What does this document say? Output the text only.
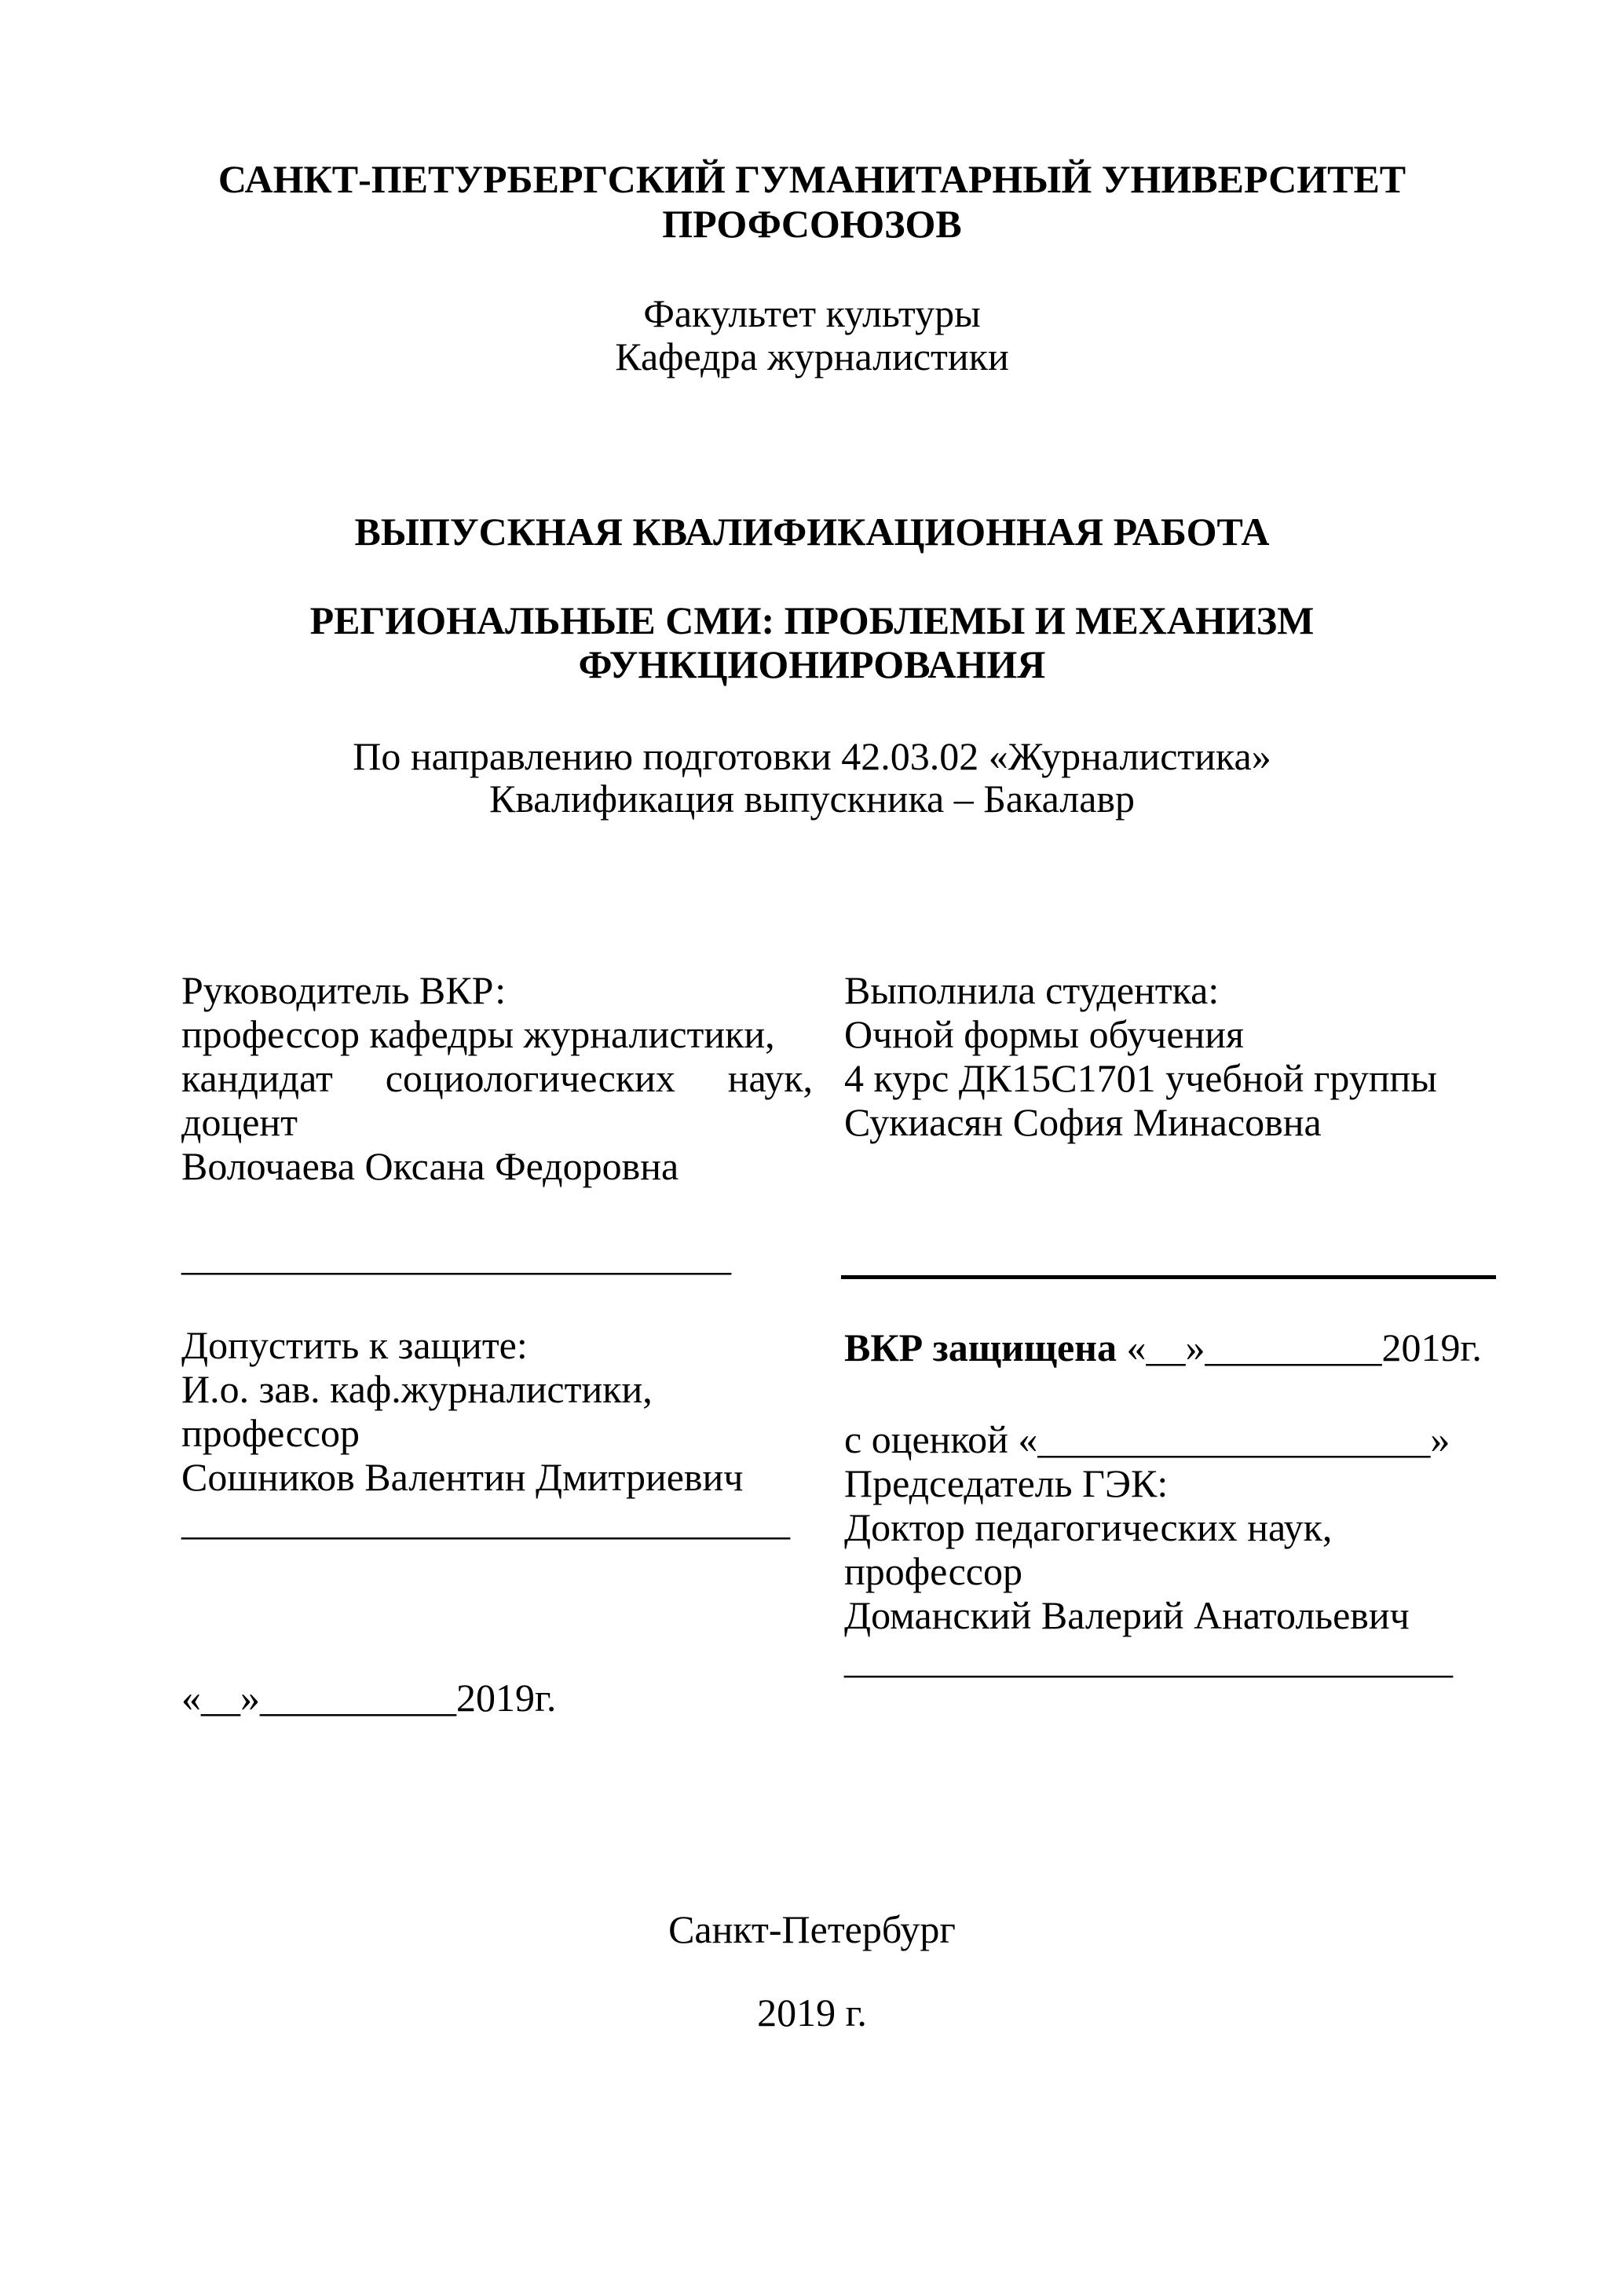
САНКТ-ПЕТУРБЕРГСКИЙ ГУМАНИТАРНЫЙ УНИВЕРСИТЕТ
ПРОФСОЮЗОВ
Факультет культуры
Кафедра журналистики
ВЫПУСКНАЯ КВАЛИФИКАЦИОННАЯ РАБОТА
РЕГИОНАЛЬНЫЕ СМИ: ПРОБЛЕМЫ И МЕХАНИЗМ
ФУНКЦИОНИРОВАНИЯ
По направлению подготовки 42.03.02 «Журналистика»
Квалификация выпускника – Бакалавр
Руководитель ВКР:
профессор кафедры журналистики,
кандидат социологических наук,
доцент
Волочаева Оксана Федоровна
____________________________
Выполнила студентка:
Очной формы обучения
4 курс ДК15С1701 учебной группы
Сукиасян София Минасовна
Допустить к защите:
И.о. зав. каф.журналистики,
профессор
Сошников Валентин Дмитриевич
_______________________________
«__»__________2019г.
ВКР защищена «__»_________2019г.
с оценкой «____________________»
Председатель ГЭК:
Доктор педагогических наук,
профессор
Доманский Валерий Анатольевич
_______________________________
Санкт-Петербург
2019 г.
